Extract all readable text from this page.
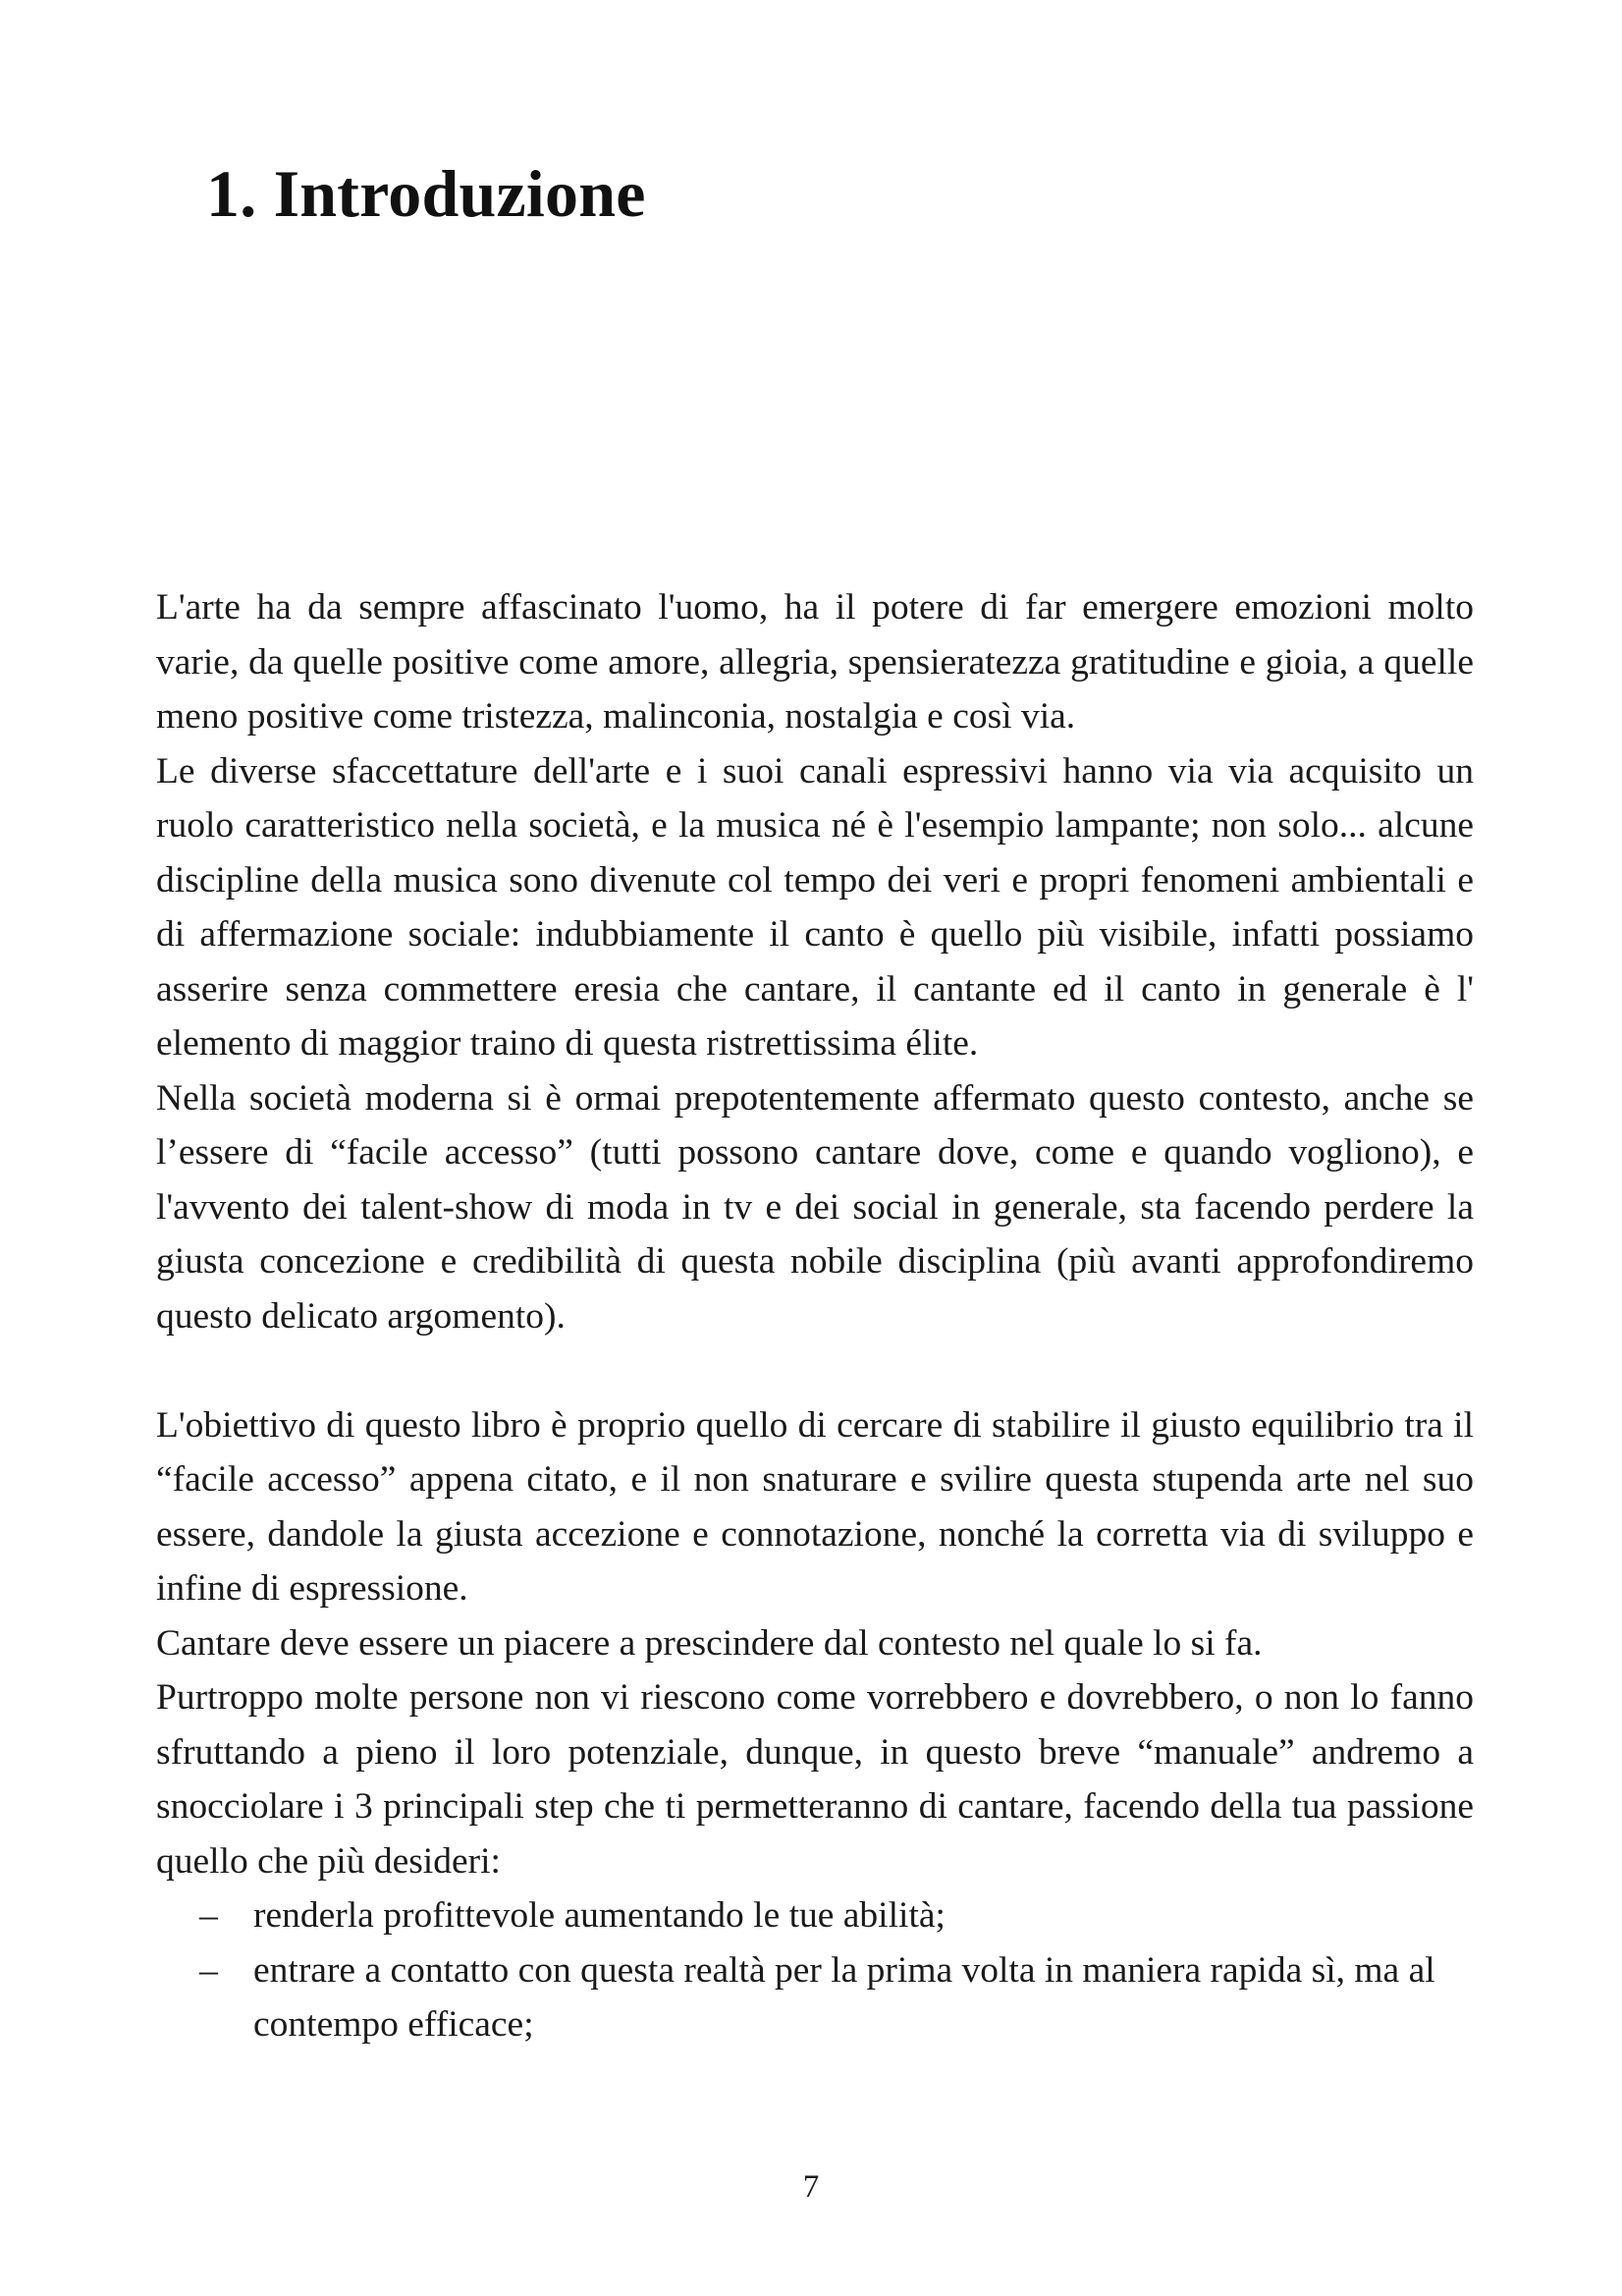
1. Introduzione

L'arte ha da sempre affascinato l'uomo, ha il potere di far emergere emozioni molto varie, da quelle positive come amore, allegria, spensieratezza gratitudine e gioia, a quelle meno positive come tristezza, malinconia, nostalgia e così via.

Le diverse sfaccettature dell'arte e i suoi canali espressivi hanno via via acquisito un ruolo caratteristico nella società, e la musica né è l'esempio lampante; non solo... alcune discipline della musica sono divenute col tempo dei veri e propri fenomeni ambientali e di affermazione sociale: indubbiamente il canto è quello più visibile, infatti possiamo asserire senza commettere eresia che cantare, il cantante ed il canto in generale è l' elemento di maggior traino di questa ristrettissima élite.

Nella società moderna si è ormai prepotentemente affermato questo contesto, anche se l’essere di “facile accesso” (tutti possono cantare dove, come e quando vogliono), e l'avvento dei talent-show di moda in tv e dei social in generale, sta facendo perdere la giusta concezione e credibilità di questa nobile disciplina (più avanti approfondiremo questo delicato argomento).

L'obiettivo di questo libro è proprio quello di cercare di stabilire il giusto equilibrio tra il “facile accesso” appena citato, e il non snaturare e svilire questa stupenda arte nel suo essere, dandole la giusta accezione e connotazione, nonché la corretta via di sviluppo e infine di espressione.

Cantare deve essere un piacere a prescindere dal contesto nel quale lo si fa.

Purtroppo molte persone non vi riescono come vorrebbero e dovrebbero, o non lo fanno sfruttando a pieno il loro potenziale, dunque, in questo breve “manuale” andremo a snocciolare i 3 principali step che ti permetteranno di cantare, facendo della tua passione quello che più desideri:

– renderla profittevole aumentando le tue abilità;
– entrare a contatto con questa realtà per la prima volta in maniera rapida sì, ma al contempo efficace;
7
